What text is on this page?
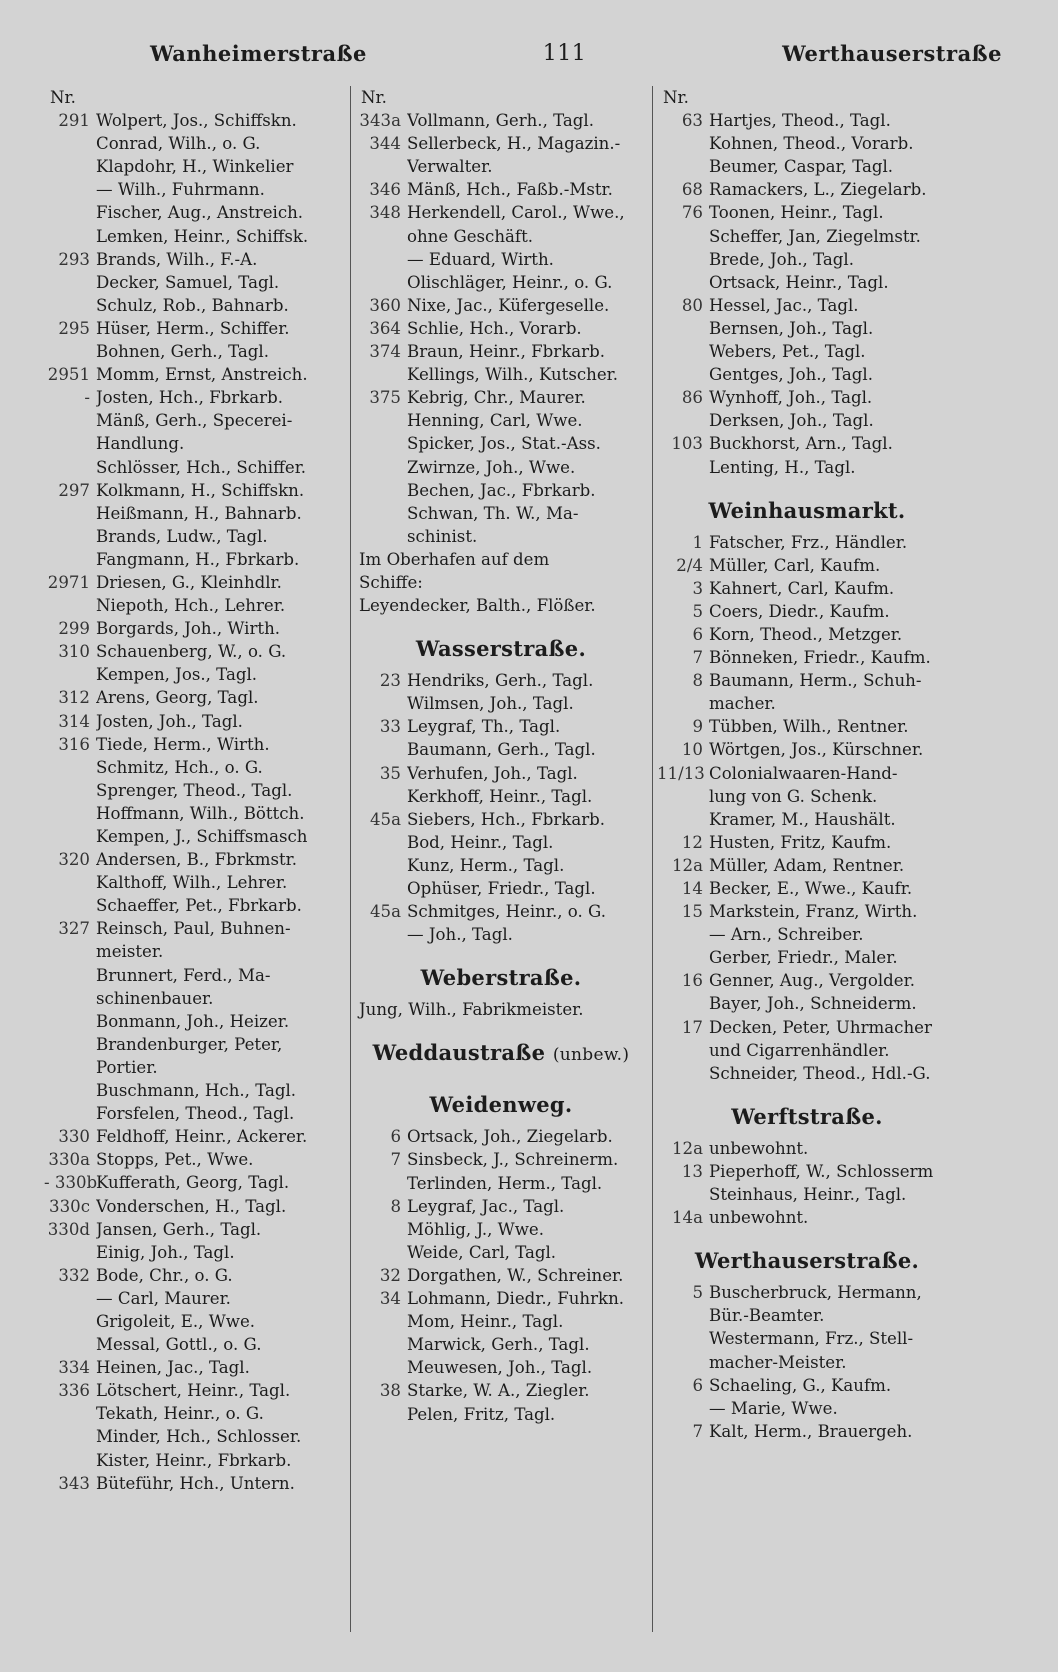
Wanheimerstraße	111	Werthauserstraße
Nr.
291 Wolpert, Jos., Schiffskn.
Conrad, Wilh., o. G.
Klapdohr, H., Winkelier
— Wilh., Fuhrmann.
Fischer, Aug., Anstreich.
Lemken, Heinr., Schiffsk.
293 Brands, Wilh., F.-A.
Decker, Samuel, Tagl.
Schulz, Rob., Bahnarb.
295 Hüser, Herm., Schiffer.
Bohnen, Gerh., Tagl.
2951 Momm, Ernst, Anstreich.
- Josten, Hch., Fbrkarb.
Mänß, Gerh., Specerei-
Handlung.
Schlösser, Hch., Schiffer.
297 Kolkmann, H., Schiffskn.
Heißmann, H., Bahnarb.
Brands, Ludw., Tagl.
Fangmann, H., Fbrkarb.
2971 Driesen, G., Kleinhdlr.
Niepoth, Hch., Lehrer.
299 Borgards, Joh., Wirth.
310 Schauenberg, W., o. G.
Kempen, Jos., Tagl.
312 Arens, Georg, Tagl.
314 Josten, Joh., Tagl.
316 Tiede, Herm., Wirth.
Schmitz, Hch., o. G.
Sprenger, Theod., Tagl.
Hoffmann, Wilh., Böttch.
Kempen, J., Schiffsmasch
320 Andersen, B., Fbrkmstr.
Kalthoff, Wilh., Lehrer.
Schaeffer, Pet., Fbrkarb.
327 Reinsch, Paul, Buhnen-
meister.
Brunnert, Ferd., Ma-
schinenbauer.
Bonmann, Joh., Heizer.
Brandenburger, Peter,
Portier.
Buschmann, Hch., Tagl.
Forsfelen, Theod., Tagl.
330 Feldhoff, Heinr., Ackerer.
330a Stopps, Pet., Wwe.
- 330b
Kufferath, Georg, Tagl.
330c Vonderschen, H., Tagl.
330d Jansen, Gerh., Tagl.
Einig, Joh., Tagl.
332 Bode, Chr., o. G.
— Carl, Maurer.
Grigoleit, E., Wwe.
Messal, Gottl., o. G.
334 Heinen, Jac., Tagl.
336 Lötschert, Heinr., Tagl.
Tekath, Heinr., o. G.
Minder, Hch., Schlosser.
Kister, Heinr., Fbrkarb.
343 Büteführ, Hch., Untern.
Nr.
343a Vollmann, Gerh., Tagl.
344 Sellerbeck, H., Magazin.-
Verwalter.
346 Mänß, Hch., Faßb.-Mstr.
348 Herkendell, Carol., Wwe.,
ohne Geschäft.
— Eduard, Wirth.
Olischläger, Heinr., o. G.
360 Nixe, Jac., Küfergeselle.
364 Schlie, Hch., Vorarb.
374 Braun, Heinr., Fbrkarb.
Kellings, Wilh., Kutscher.
375 Kebrig, Chr., Maurer.
Henning, Carl, Wwe.
Spicker, Jos., Stat.-Ass.
Zwirnze, Joh., Wwe.
Bechen, Jac., Fbrkarb.
Schwan, Th. W., Ma-
schinist.
Im Oberhafen auf dem
Schiffe:
Leyendecker, Balth., Flößer.
Wasserstraße.
23 Hendriks, Gerh., Tagl.
Wilmsen, Joh., Tagl.
33 Leygraf, Th., Tagl.
Baumann, Gerh., Tagl.
35 Verhufen, Joh., Tagl.
Kerkhoff, Heinr., Tagl.
45a Siebers, Hch., Fbrkarb.
Bod, Heinr., Tagl.
Kunz, Herm., Tagl.
Ophüser, Friedr., Tagl.
45a Schmitges, Heinr., o. G.
— Joh., Tagl.
Weberstraße.
Jung, Wilh., Fabrikmeister.
Weddaustraße (unbew.)
Weidenweg.
6 Ortsack, Joh., Ziegelarb.
7 Sinsbeck, J., Schreinerm.
Terlinden, Herm., Tagl.
8 Leygraf, Jac., Tagl.
Möhlig, J., Wwe.
Weide, Carl, Tagl.
32 Dorgathen, W., Schreiner.
34 Lohmann, Diedr., Fuhrkn.
Mom, Heinr., Tagl.
Marwick, Gerh., Tagl.
Meuwesen, Joh., Tagl.
38 Starke, W. A., Ziegler.
Pelen, Fritz, Tagl.
Nr.
63 Hartjes, Theod., Tagl.
Kohnen, Theod., Vorarb.
Beumer, Caspar, Tagl.
68 Ramackers, L., Ziegelarb.
76 Toonen, Heinr., Tagl.
Scheffer, Jan, Ziegelmstr.
Brede, Joh., Tagl.
Ortsack, Heinr., Tagl.
80 Hessel, Jac., Tagl.
Bernsen, Joh., Tagl.
Webers, Pet., Tagl.
Gentges, Joh., Tagl.
86 Wynhoff, Joh., Tagl.
Derksen, Joh., Tagl.
103 Buckhorst, Arn., Tagl.
Lenting, H., Tagl.
Weinhausmarkt.
1 Fatscher, Frz., Händler.
2/4 Müller, Carl, Kaufm.
3 Kahnert, Carl, Kaufm.
5 Coers, Diedr., Kaufm.
6 Korn, Theod., Metzger.
7 Bönneken, Friedr., Kaufm.
8 Baumann, Herm., Schuh-
macher.
9 Tübben, Wilh., Rentner.
10 Wörtgen, Jos., Kürschner.
11/13 Colonialwaaren-Hand-
lung von G. Schenk.
Kramer, M., Haushält.
12 Husten, Fritz, Kaufm.
12a Müller, Adam, Rentner.
14 Becker, E., Wwe., Kaufr.
15 Markstein, Franz, Wirth.
— Arn., Schreiber.
Gerber, Friedr., Maler.
16 Genner, Aug., Vergolder.
Bayer, Joh., Schneiderm.
17 Decken, Peter, Uhrmacher
und Cigarrenhändler.
Schneider, Theod., Hdl.-G.
Werftstraße.
12a unbewohnt.
13 Pieperhoff, W., Schlosserm
Steinhaus, Heinr., Tagl.
14a unbewohnt.
Werthauserstraße.
5 Buscherbruck, Hermann,
Bür.-Beamter.
Westermann, Frz., Stell-
macher-Meister.
6 Schaeling, G., Kaufm.
— Marie, Wwe.
7 Kalt, Herm., Brauergeh.
